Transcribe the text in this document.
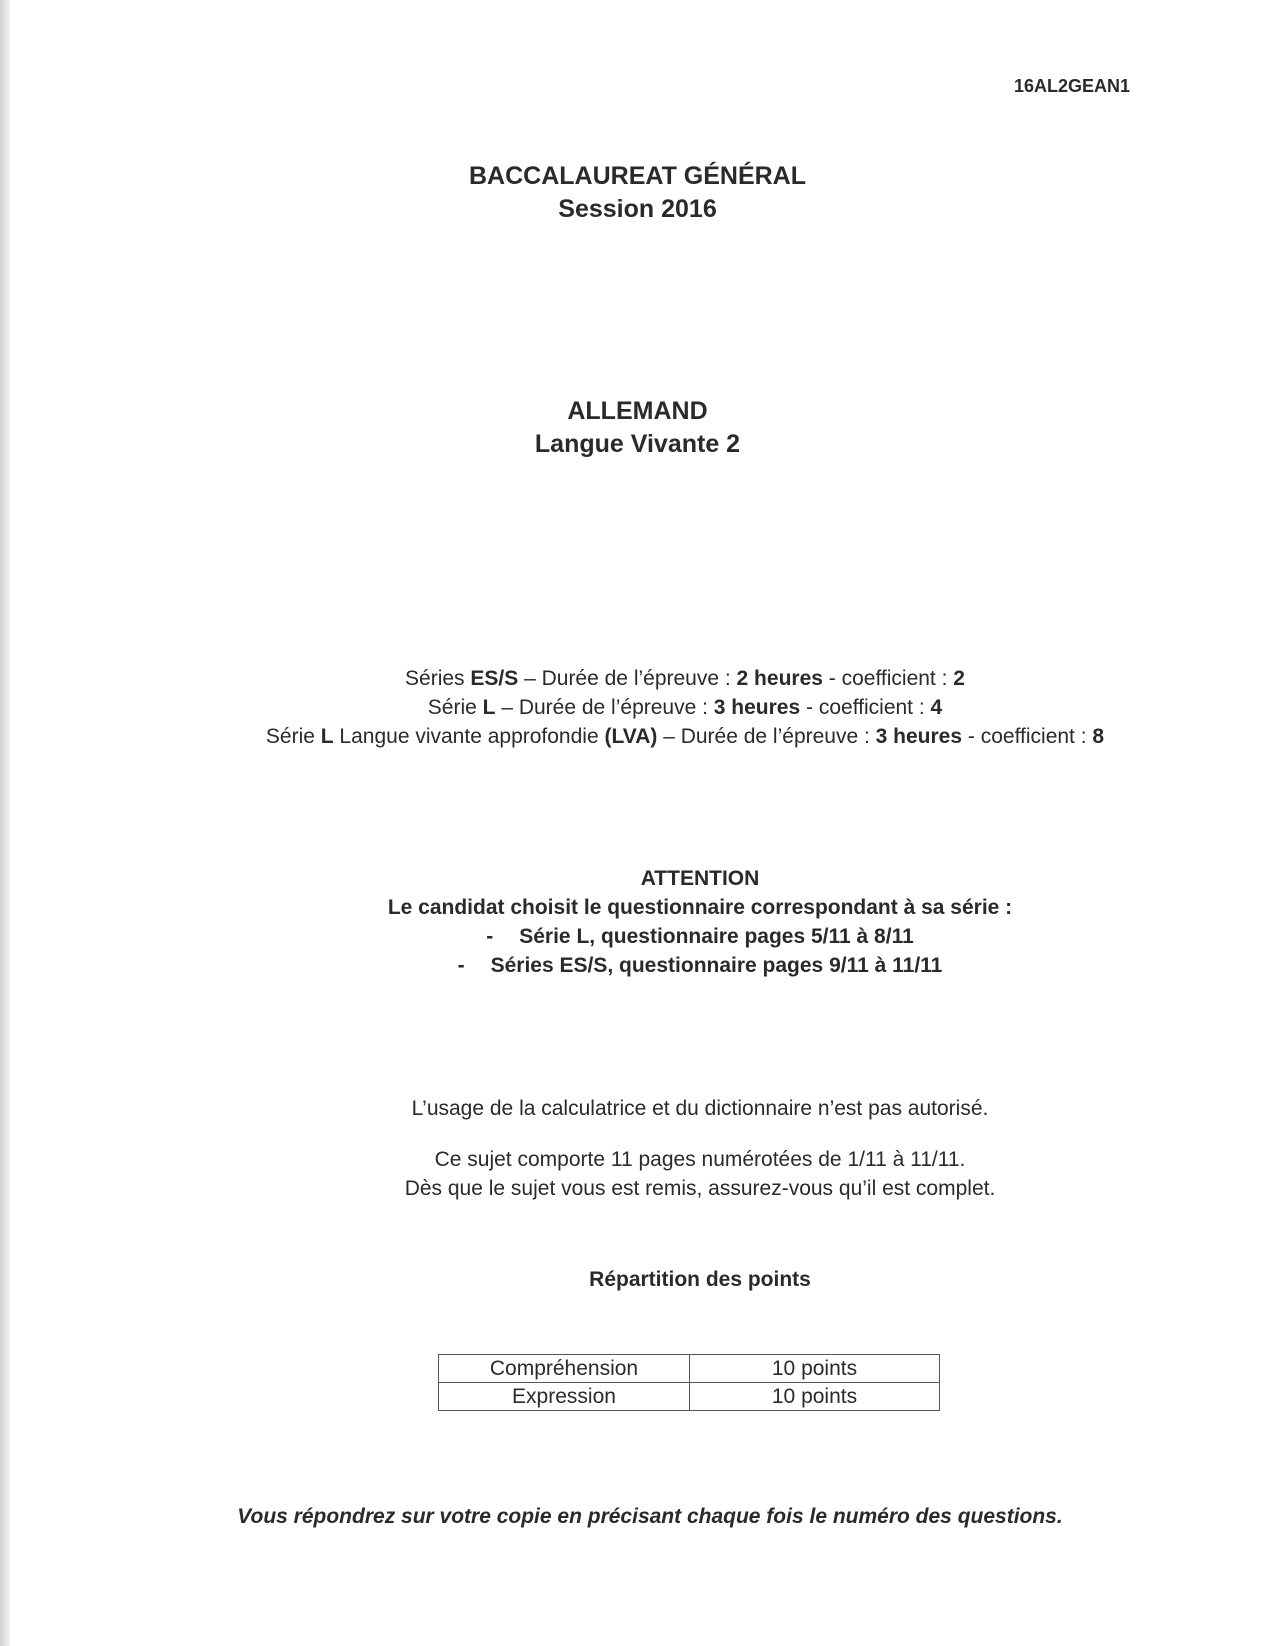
16AL2GEAN1
BACCALAUREAT GÉNÉRAL
Session 2016
ALLEMAND
Langue Vivante 2
Séries ES/S – Durée de l’épreuve : 2 heures - coefficient : 2
Série L – Durée de l’épreuve : 3 heures - coefficient : 4
Série L Langue vivante approfondie (LVA) – Durée de l’épreuve : 3 heures - coefficient : 8
ATTENTION
Le candidat choisit le questionnaire correspondant à sa série :
- Série L, questionnaire pages 5/11 à 8/11
- Séries ES/S, questionnaire pages 9/11 à 11/11

L’usage de la calculatrice et du dictionnaire n’est pas autorisé.

Ce sujet comporte 11 pages numérotées de 1/11 à 11/11.
Dès que le sujet vous est remis, assurez-vous qu’il est complet.
Répartition des points
Compréhension	10 points
Expression	10 points
Vous répondrez sur votre copie en précisant chaque fois le numéro des questions.
